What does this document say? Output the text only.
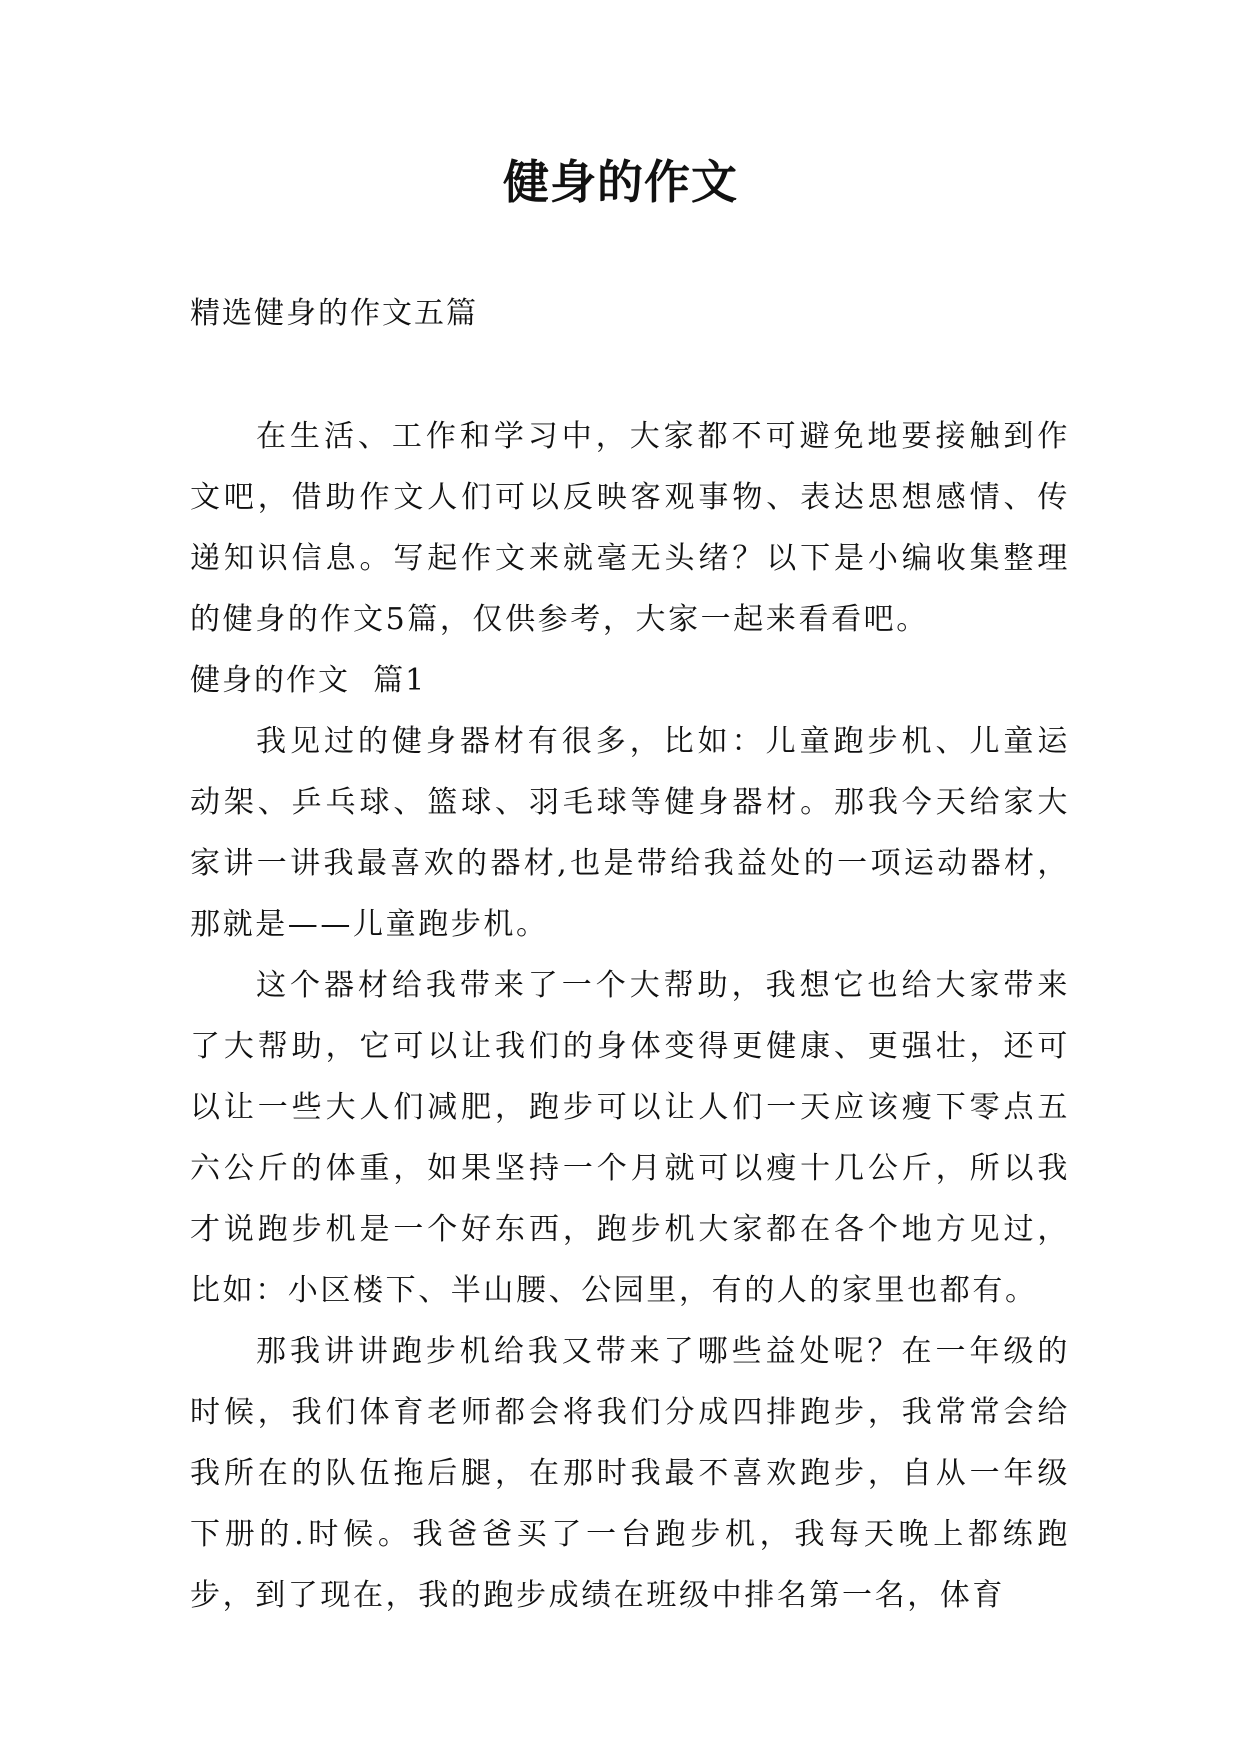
健身的作文

精选健身的作文五篇

在生活、工作和学习中，大家都不可避免地要接触到作文吧，借助作文人们可以反映客观事物、表达思想感情、传递知识信息。写起作文来就毫无头绪？以下是小编收集整理的健身的作文5篇，仅供参考，大家一起来看看吧。

健身的作文  篇1

我见过的健身器材有很多，比如：儿童跑步机、儿童运动架、乒乓球、篮球、羽毛球等健身器材。那我今天给家大家讲一讲我最喜欢的器材,也是带给我益处的一项运动器材，那就是——儿童跑步机。

这个器材给我带来了一个大帮助，我想它也给大家带来了大帮助，它可以让我们的身体变得更健康、更强壮，还可以让一些大人们减肥，跑步可以让人们一天应该瘦下零点五六公斤的体重，如果坚持一个月就可以瘦十几公斤，所以我才说跑步机是一个好东西，跑步机大家都在各个地方见过，比如：小区楼下、半山腰、公园里，有的人的家里也都有。

那我讲讲跑步机给我又带来了哪些益处呢？在一年级的时候，我们体育老师都会将我们分成四排跑步，我常常会给我所在的队伍拖后腿，在那时我最不喜欢跑步，自从一年级下册的.时候。我爸爸买了一台跑步机，我每天晚上都练跑步，到了现在，我的跑步成绩在班级中排名第一名，体育
